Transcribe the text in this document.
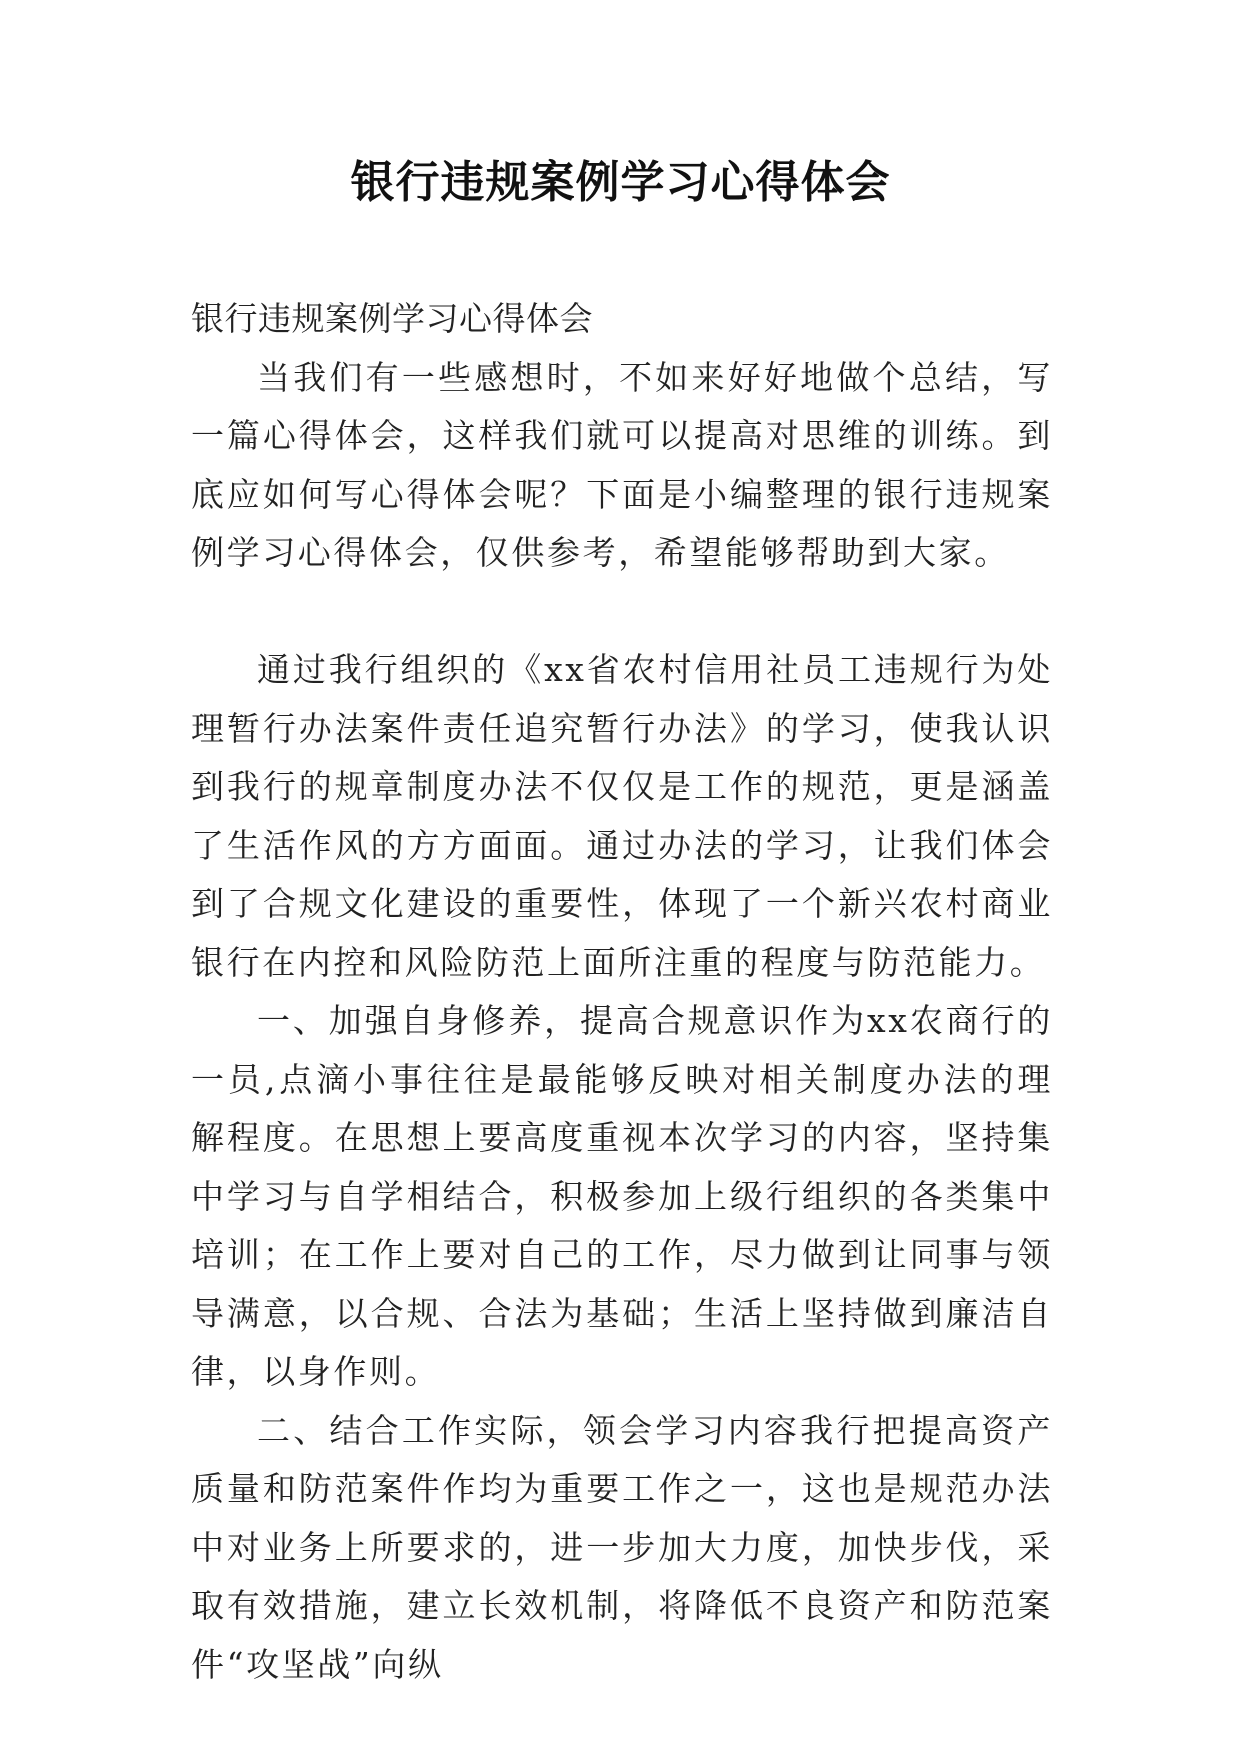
银行违规案例学习心得体会

银行违规案例学习心得体会

当我们有一些感想时，不如来好好地做个总结，写一篇心得体会，这样我们就可以提高对思维的训练。到底应如何写心得体会呢？下面是小编整理的银行违规案例学习心得体会，仅供参考，希望能够帮助到大家。

通过我行组织的《xx省农村信用社员工违规行为处理暂行办法案件责任追究暂行办法》的学习，使我认识到我行的规章制度办法不仅仅是工作的规范，更是涵盖了生活作风的方方面面。通过办法的学习，让我们体会到了合规文化建设的重要性，体现了一个新兴农村商业银行在内控和风险防范上面所注重的程度与防范能力。

一、加强自身修养，提高合规意识作为xx农商行的一员,点滴小事往往是最能够反映对相关制度办法的理解程度。在思想上要高度重视本次学习的内容，坚持集中学习与自学相结合，积极参加上级行组织的各类集中培训；在工作上要对自己的工作，尽力做到让同事与领导满意，以合规、合法为基础；生活上坚持做到廉洁自律，以身作则。

二、结合工作实际，领会学习内容我行把提高资产质量和防范案件作均为重要工作之一，这也是规范办法中对业务上所要求的，进一步加大力度，加快步伐，采取有效措施，建立长效机制，将降低不良资产和防范案件“攻坚战”向纵
